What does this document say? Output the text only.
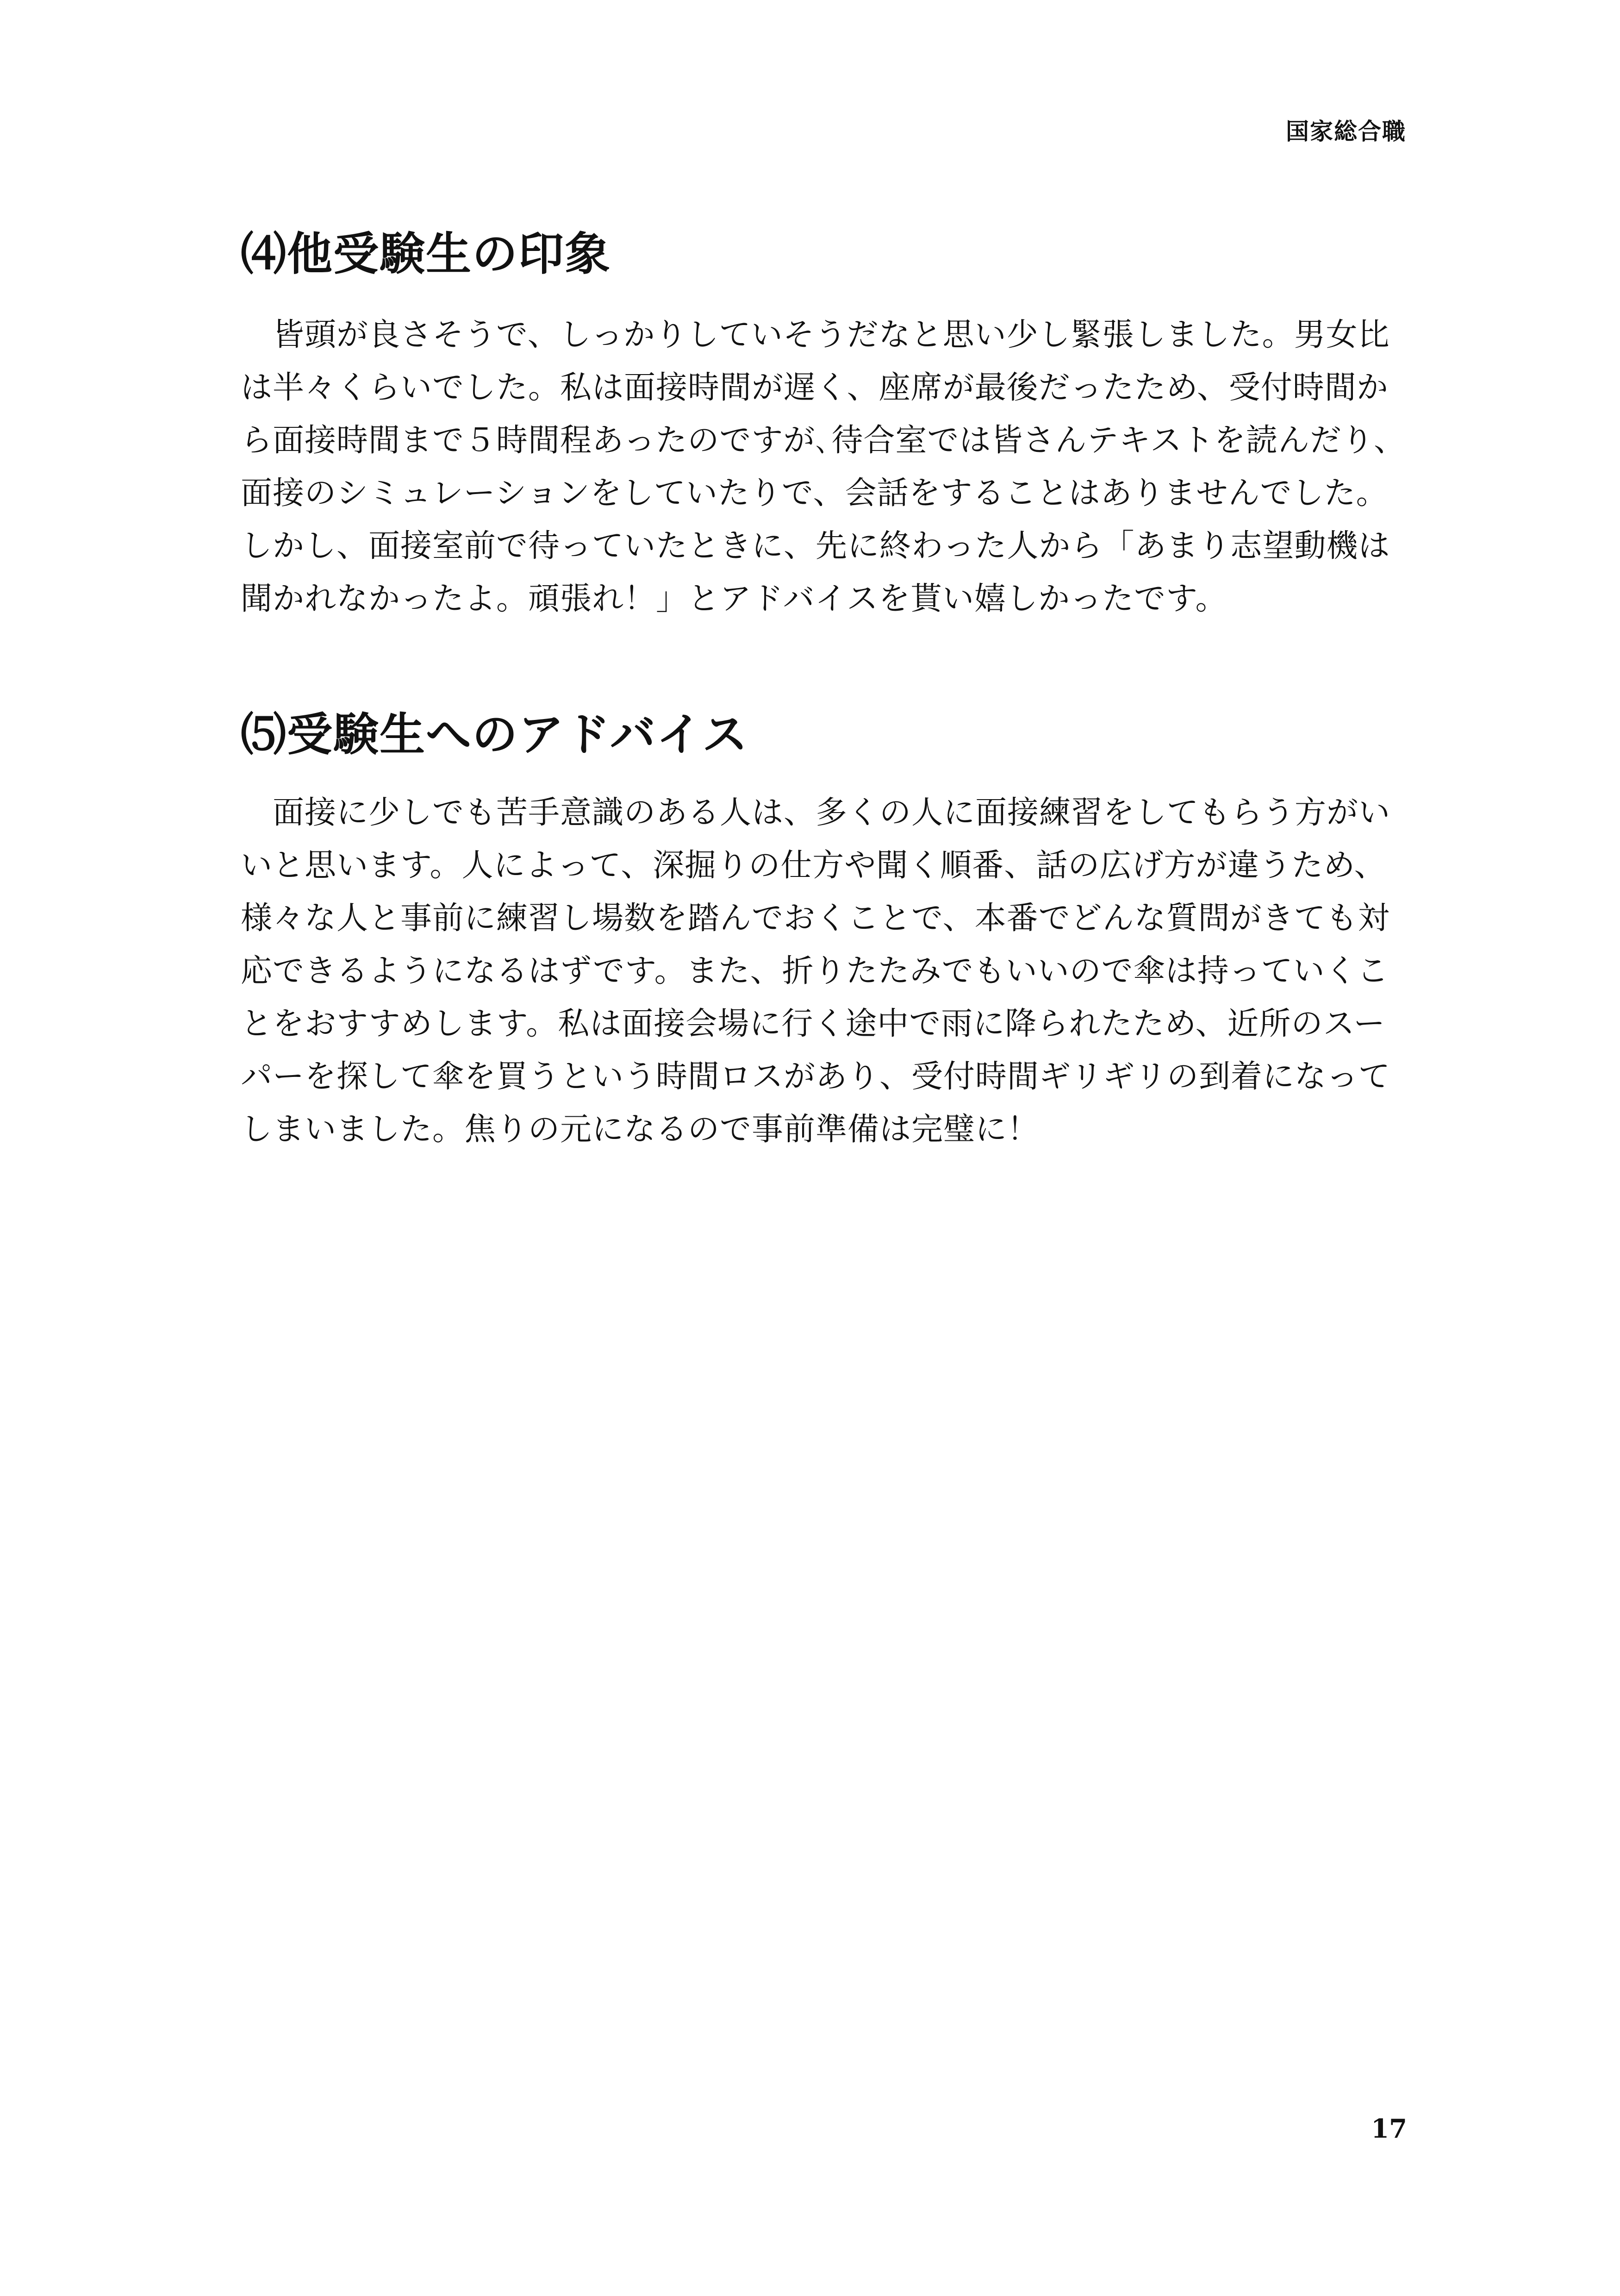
国家総合職
⑷他受験生の印象
　皆頭が良さそうで、しっかりしていそうだなと思い少し緊張しました。男女比
は半々くらいでした。私は面接時間が遅く、座席が最後だったため、受付時間か
ら面接時間まで５時間程あったのですが､待合室では皆さんテキストを読んだり、
面接のシミュレーションをしていたりで、会話をすることはありませんでした。
しかし、面接室前で待っていたときに、先に終わった人から「あまり志望動機は
聞かれなかったよ。頑張れ！」とアドバイスを貰い嬉しかったです。
⑸受験生へのアドバイス
　面接に少しでも苦手意識のある人は、多くの人に面接練習をしてもらう方がい
いと思います。人によって、深掘りの仕方や聞く順番、話の広げ方が違うため、
様々な人と事前に練習し場数を踏んでおくことで、本番でどんな質問がきても対
応できるようになるはずです。また、折りたたみでもいいので傘は持っていくこ
とをおすすめします。私は面接会場に行く途中で雨に降られたため、近所のスー
パーを探して傘を買うという時間ロスがあり、受付時間ギリギリの到着になって
しまいました。焦りの元になるので事前準備は完璧に！
17
